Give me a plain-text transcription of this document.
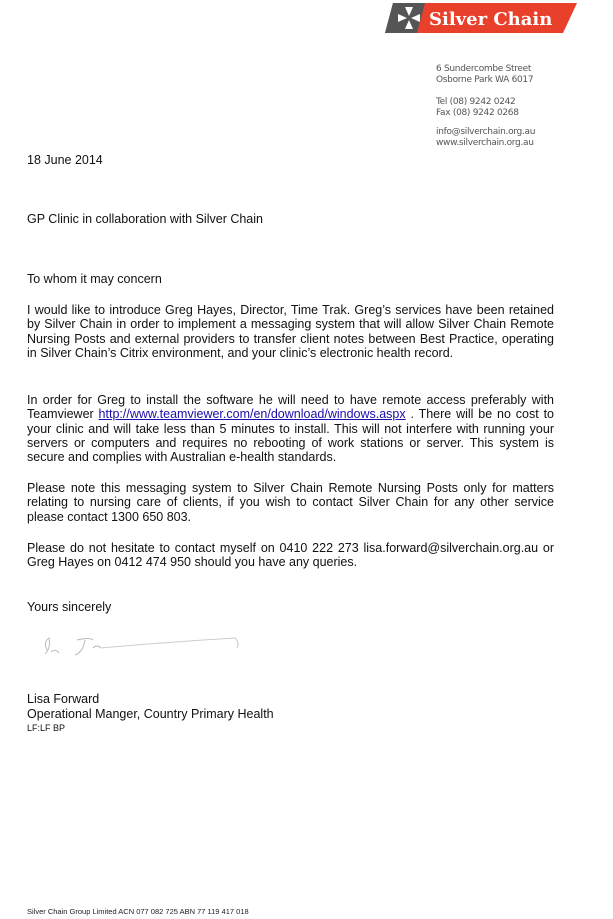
Silver Chain
6 Sundercombe Street
Osborne Park WA 6017
Tel (08) 9242 0242
Fax (08) 9242 0268
info@silverchain.org.au
www.silverchain.org.au
18 June 2014
GP Clinic in collaboration with Silver Chain
To whom it may concern
I would like to introduce Greg Hayes, Director, Time Trak. Greg’s services have been retained by Silver Chain in order to implement a messaging system that will allow Silver Chain Remote Nursing Posts and external providers to transfer client notes between Best Practice, operating in Silver Chain’s Citrix environment, and your clinic’s electronic health record.
In order for Greg to install the software he will need to have remote access preferably with Teamviewer http://www.teamviewer.com/en/download/windows.aspx . There will be no cost to your clinic and will take less than 5 minutes to install. This will not interfere with running your servers or computers and requires no rebooting of work stations or server. This system is secure and complies with Australian e-health standards.
Please note this messaging system to Silver Chain Remote Nursing Posts only for matters relating to nursing care of clients, if you wish to contact Silver Chain for any other service please contact 1300 650 803.
Please do not hesitate to contact myself on 0410 222 273 lisa.forward@silverchain.org.au or Greg Hayes on 0412 474 950 should you have any queries.
Yours sincerely
Lisa Forward
Operational Manger, Country Primary Health
LF:LF BP
Silver Chain Group Limited ACN 077 082 725 ABN 77 119 417 018
